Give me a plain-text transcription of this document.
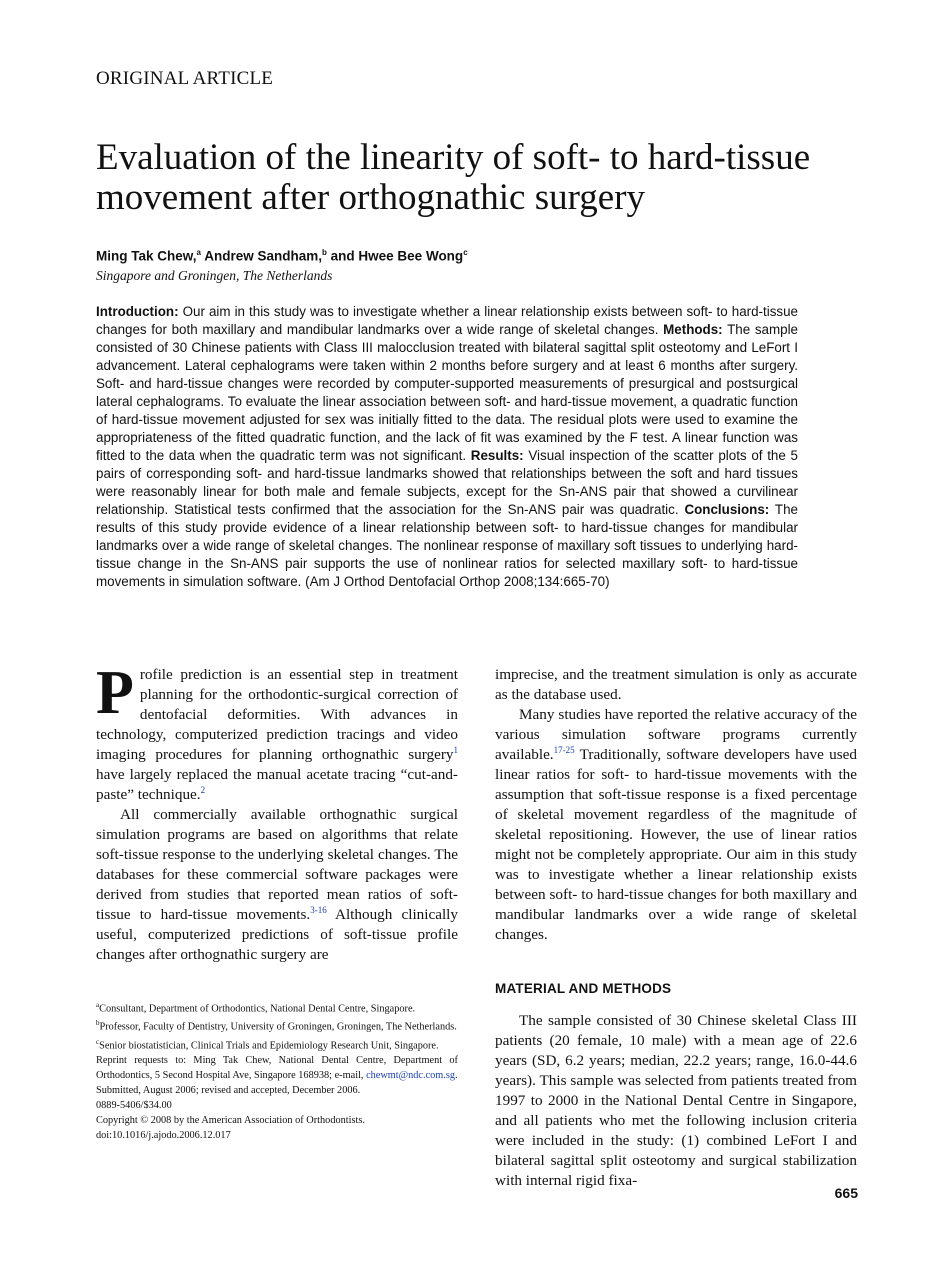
ORIGINAL ARTICLE
Evaluation of the linearity of soft- to hard-tissue movement after orthognathic surgery
Ming Tak Chew,$^a$ Andrew Sandham,$^b$ and Hwee Bee Wong$^c$
Singapore and Groningen, The Netherlands
Introduction: Our aim in this study was to investigate whether a linear relationship exists between soft- to hard-tissue changes for both maxillary and mandibular landmarks over a wide range of skeletal changes. Methods: The sample consisted of 30 Chinese patients with Class III malocclusion treated with bilateral sagittal split osteotomy and LeFort I advancement. Lateral cephalograms were taken within 2 months before surgery and at least 6 months after surgery. Soft- and hard-tissue changes were recorded by computer-supported measurements of presurgical and postsurgical lateral cephalograms. To evaluate the linear association between soft- and hard-tissue movement, a quadratic function of hard-tissue movement adjusted for sex was initially fitted to the data. The residual plots were used to examine the appropriateness of the fitted quadratic function, and the lack of fit was examined by the F test. A linear function was fitted to the data when the quadratic term was not significant. Results: Visual inspection of the scatter plots of the 5 pairs of corresponding soft- and hard-tissue landmarks showed that relationships between the soft and hard tissues were reasonably linear for both male and female subjects, except for the Sn-ANS pair that showed a curvilinear relationship. Statistical tests confirmed that the association for the Sn-ANS pair was quadratic. Conclusions: The results of this study provide evidence of a linear relationship between soft- to hard-tissue changes for mandibular landmarks over a wide range of skeletal changes. The nonlinear response of maxillary soft tissues to underlying hard-tissue change in the Sn-ANS pair supports the use of nonlinear ratios for selected maxillary soft- to hard-tissue movements in simulation software. (Am J Orthod Dentofacial Orthop 2008;134:665-70)

Profile prediction is an essential step in treatment planning for the orthodontic-surgical correction of dentofacial deformities. With advances in technology, computerized prediction tracings and video imaging procedures for planning orthognathic surgery$^1$ have largely replaced the manual acetate tracing “cut-and-paste” technique.$^2$

All commercially available orthognathic surgical simulation programs are based on algorithms that relate soft-tissue response to the underlying skeletal changes. The databases for these commercial software packages were derived from studies that reported mean ratios of soft-tissue to hard-tissue movements.$^{3-16}$ Although clinically useful, computerized predictions of soft-tissue profile changes after orthognathic surgery are

imprecise, and the treatment simulation is only as accurate as the database used.

Many studies have reported the relative accuracy of the various simulation software programs currently available.$^{17-25}$ Traditionally, software developers have used linear ratios for soft- to hard-tissue movements with the assumption that soft-tissue response is a fixed percentage of skeletal movement regardless of the magnitude of skeletal repositioning. However, the use of linear ratios might not be completely appropriate. Our aim in this study was to investigate whether a linear relationship exists between soft- to hard-tissue changes for both maxillary and mandibular landmarks over a wide range of skeletal changes.

MATERIAL AND METHODS

The sample consisted of 30 Chinese skeletal Class III patients (20 female, 10 male) with a mean age of 22.6 years (SD, 6.2 years; median, 22.2 years; range, 16.0-44.6 years). This sample was selected from patients treated from 1997 to 2000 in the National Dental Centre in Singapore, and all patients who met the following inclusion criteria were included in the study: (1) combined LeFort I and bilateral sagittal split osteotomy and surgical stabilization with internal rigid fixa-

$^a$Consultant, Department of Orthodontics, National Dental Centre, Singapore.
$^b$Professor, Faculty of Dentistry, University of Groningen, Groningen, The Netherlands.
$^c$Senior biostatistician, Clinical Trials and Epidemiology Research Unit, Singapore.
Reprint requests to: Ming Tak Chew, National Dental Centre, Department of Orthodontics, 5 Second Hospital Ave, Singapore 168938; e-mail, chewmt@ndc.com.sg.
Submitted, August 2006; revised and accepted, December 2006.
0889-5406/$34.00
Copyright © 2008 by the American Association of Orthodontists.
doi:10.1016/j.ajodo.2006.12.017
665
